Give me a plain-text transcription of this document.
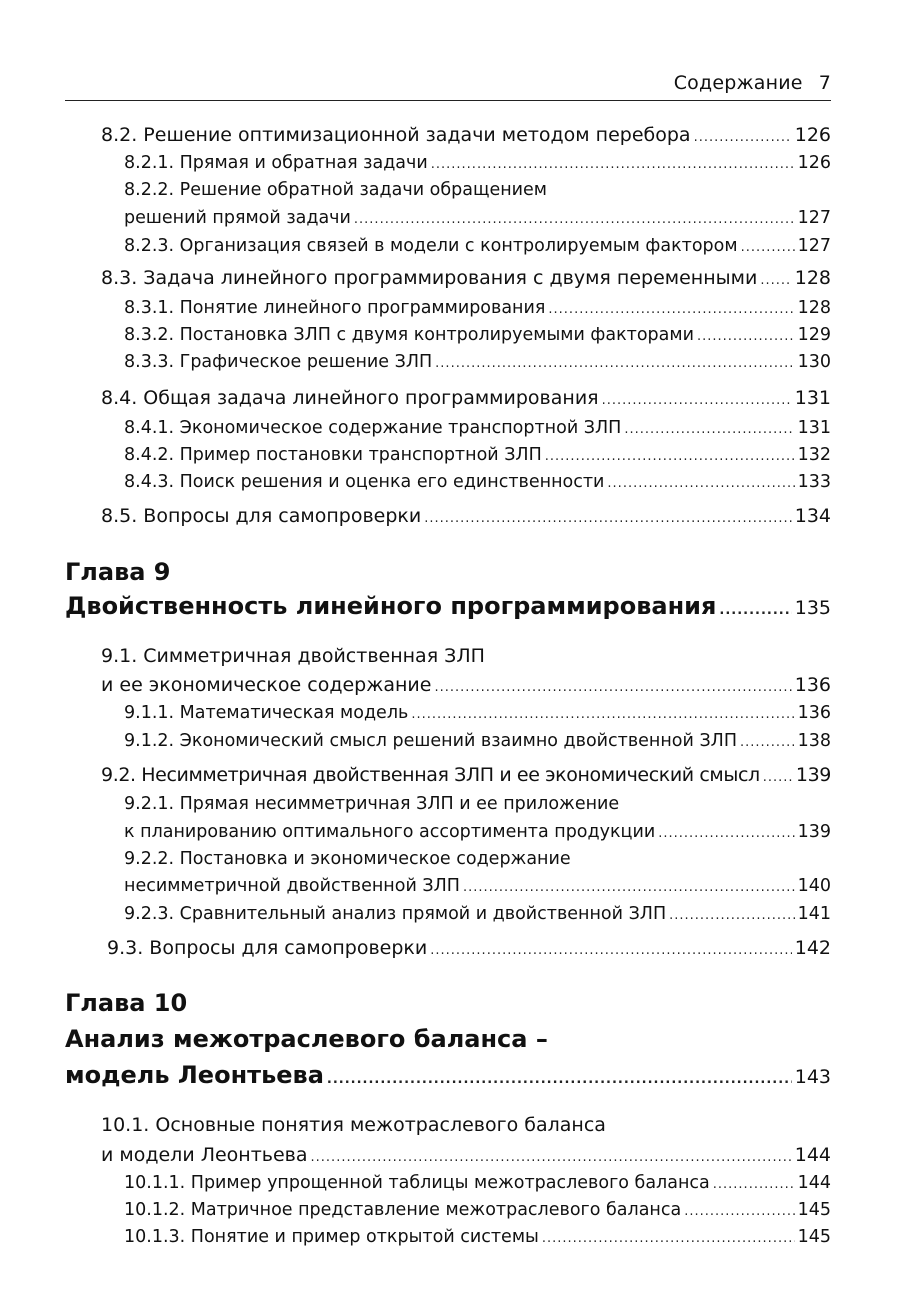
Содержание 7
8.2. Решение оптимизационной задачи методом перебора .....	126
8.2.1. Прямая и обратная задачи .....	126
8.2.2. Решение обратной задачи обращением
решений прямой задачи .....	127
8.2.3. Организация связей в модели с контролируемым фактором .....	127
8.3. Задача линейного программирования с двумя переменными ..... 128
8.3.1. Понятие линейного программирования .....	128
8.3.2. Постановка ЗЛП с двумя контролируемыми факторами .....	129
8.3.3. Графическое решение ЗЛП .....	130
8.4. Общая задача линейного программирования .....	131
8.4.1. Экономическое содержание транспортной ЗЛП .....	131
8.4.2. Пример постановки транспортной ЗЛП .....	132
8.4.3. Поиск решения и оценка его единственности .....	133
8.5. Вопросы для самопроверки .....	134
Глава 9
Двойственность линейного программирования .....	135
9.1. Симметричная двойственная ЗЛП
и ее экономическое содержание .....	136
9.1.1. Математическая модель .....	136
9.1.2. Экономический смысл решений взаимно двойственной ЗЛП .....	138
9.2. Несимметричная двойственная ЗЛП и ее экономический смысл ..... 139
9.2.1. Прямая несимметричная ЗЛП и ее приложение
к планированию оптимального ассортимента продукции .....	139
9.2.2. Постановка и экономическое содержание
несимметричной двойственной ЗЛП .....	140
9.2.3. Сравнительный анализ прямой и двойственной ЗЛП .....	141
9.3. Вопросы для самопроверки .....	142
Глава 10
Анализ межотраслевого баланса –
модель Леонтьева .....	143
10.1. Основные понятия межотраслевого баланса
и модели Леонтьева .....	144
10.1.1. Пример упрощенной таблицы межотраслевого баланса .....	144
10.1.2. Матричное представление межотраслевого баланса .....	145
10.1.3. Понятие и пример открытой системы .....	145
